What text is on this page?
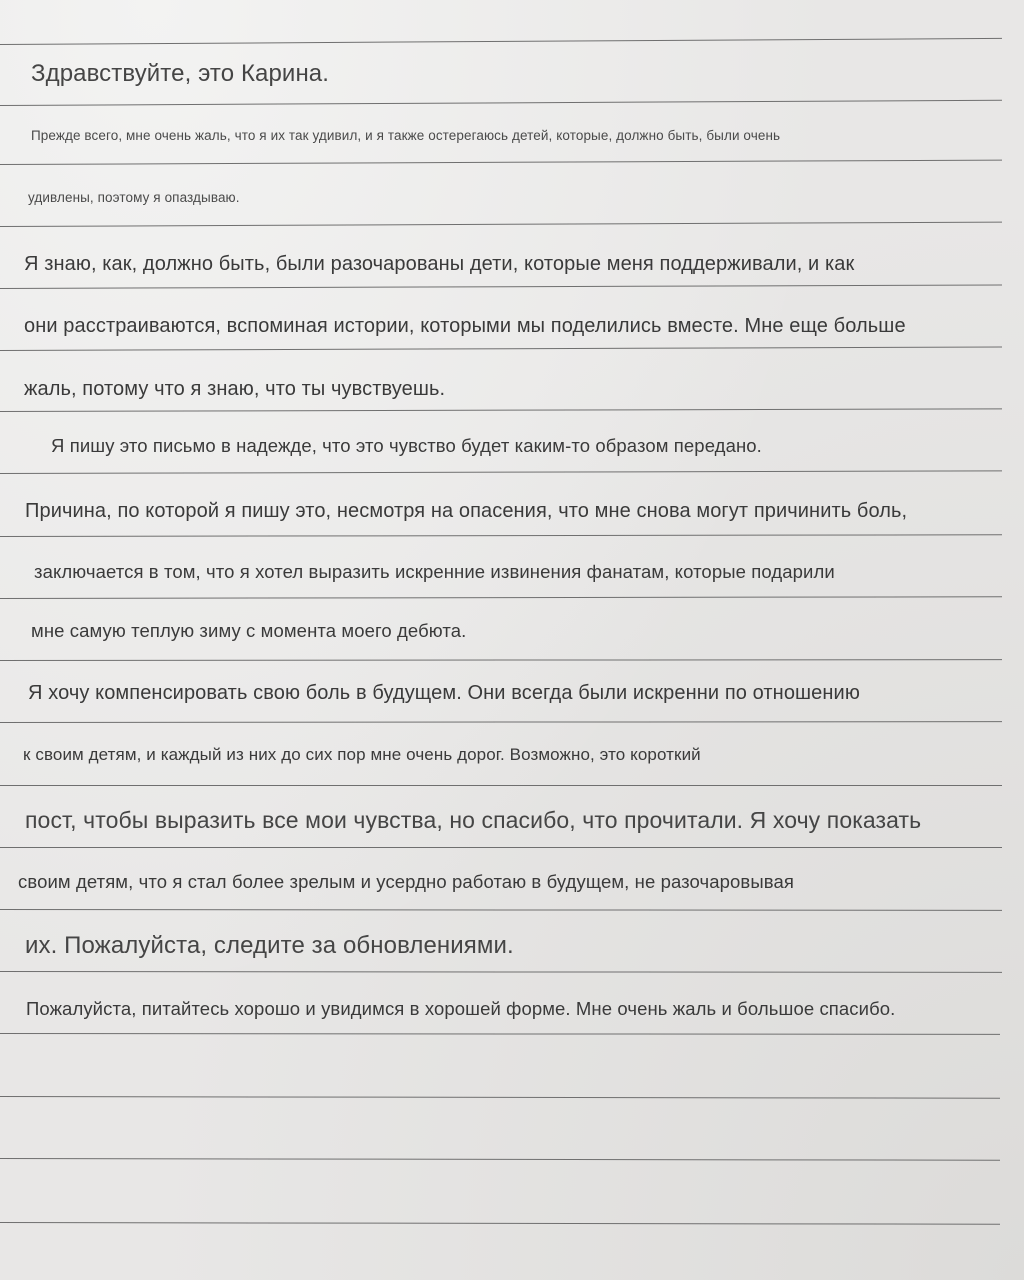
Здравствуйте, это Карина.
Прежде всего, мне очень жаль, что я их так удивил, и я также остерегаюсь детей, которые, должно быть, были очень
удивлены, поэтому я опаздываю.
Я знаю, как, должно быть, были разочарованы дети, которые меня поддерживали, и как
они расстраиваются, вспоминая истории, которыми мы поделились вместе. Мне еще больше
жаль, потому что я знаю, что ты чувствуешь.
Я пишу это письмо в надежде, что это чувство будет каким-то образом передано.
Причина, по которой я пишу это, несмотря на опасения, что мне снова могут причинить боль,
заключается в том, что я хотел выразить искренние извинения фанатам, которые подарили
мне самую теплую зиму с момента моего дебюта.
Я хочу компенсировать свою боль в будущем. Они всегда были искренни по отношению
к своим детям, и каждый из них до сих пор мне очень дорог. Возможно, это короткий
пост, чтобы выразить все мои чувства, но спасибо, что прочитали. Я хочу показать
своим детям, что я стал более зрелым и усердно работаю в будущем, не разочаровывая
их. Пожалуйста, следите за обновлениями.
Пожалуйста, питайтесь хорошо и увидимся в хорошей форме. Мне очень жаль и большое спасибо.
